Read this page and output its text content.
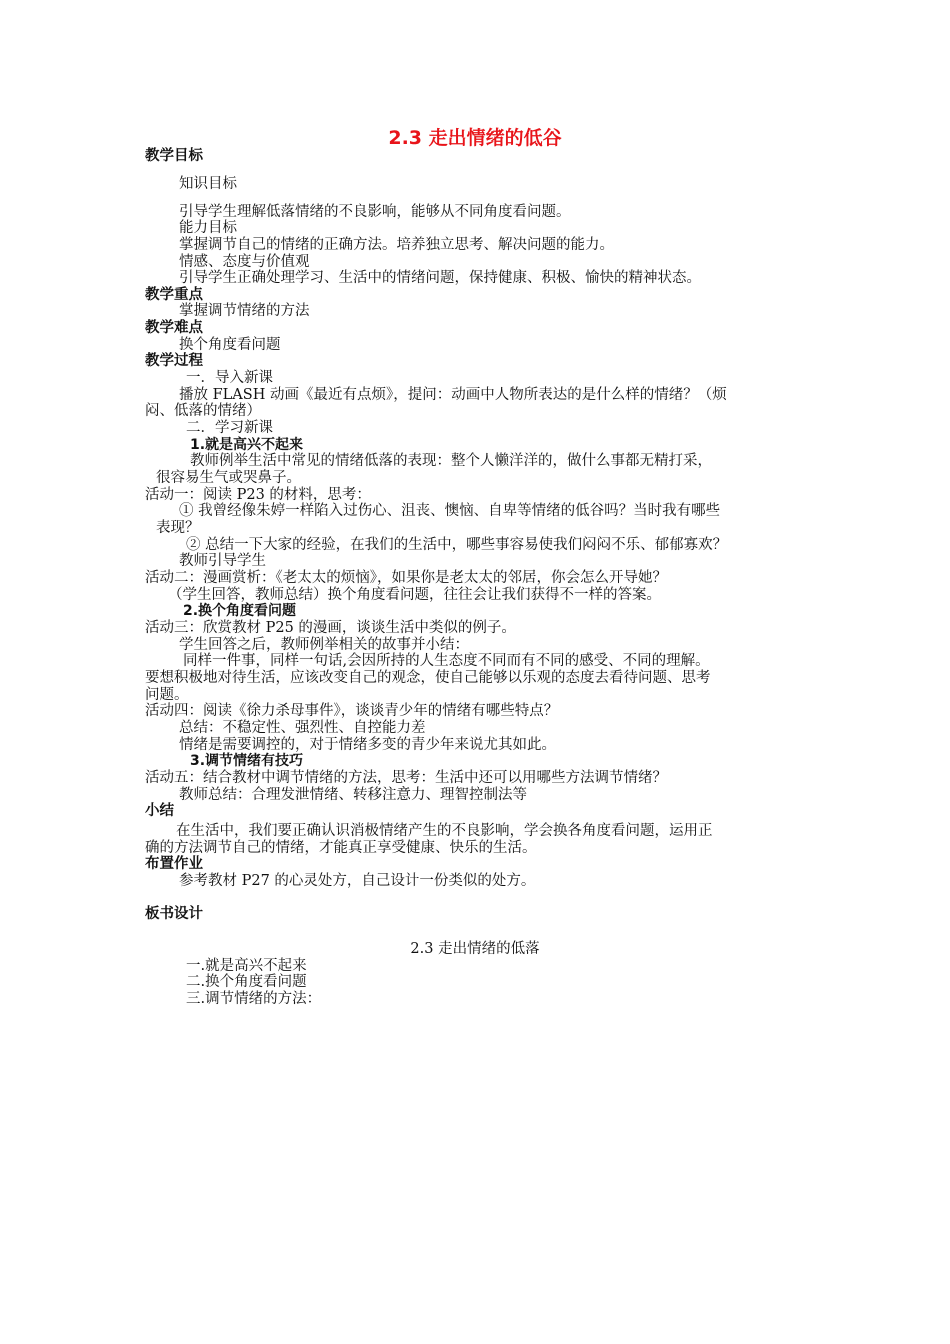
2.3 走出情绪的低谷
教学目标
知识目标
引导学生理解低落情绪的不良影响，能够从不同角度看问题。
能力目标
掌握调节自己的情绪的正确方法。培养独立思考、解决问题的能力。
情感、态度与价值观
引导学生正确处理学习、生活中的情绪问题，保持健康、积极、愉快的精神状态。
教学重点
掌握调节情绪的方法
教学难点
换个角度看问题
教学过程
一．导入新课
播放 FLASH 动画《最近有点烦》，提问：动画中人物所表达的是什么样的情绪？（烦
闷、低落的情绪）
二．学习新课
1.就是高兴不起来
教师例举生活中常见的情绪低落的表现：整个人懒洋洋的，做什么事都无精打采，
很容易生气或哭鼻子。
活动一：阅读 P23 的材料，思考：
① 我曾经像朱婷一样陷入过伤心、沮丧、懊恼、自卑等情绪的低谷吗？当时我有哪些
表现？
② 总结一下大家的经验，在我们的生活中，哪些事容易使我们闷闷不乐、郁郁寡欢？
教师引导学生
活动二：漫画赏析：《老太太的烦恼》，如果你是老太太的邻居，你会怎么开导她？
（学生回答，教师总结）换个角度看问题，往往会让我们获得不一样的答案。
2.换个角度看问题
活动三：欣赏教材 P25 的漫画，谈谈生活中类似的例子。
学生回答之后，教师例举相关的故事并小结：
同样一件事，同样一句话,会因所持的人生态度不同而有不同的感受、不同的理解。
要想积极地对待生活，应该改变自己的观念，使自己能够以乐观的态度去看待问题、思考
问题。
活动四：阅读《徐力杀母事件》，谈谈青少年的情绪有哪些特点？
总结：不稳定性、强烈性、自控能力差
情绪是需要调控的，对于情绪多变的青少年来说尤其如此。
3.调节情绪有技巧
活动五：结合教材中调节情绪的方法，思考：生活中还可以用哪些方法调节情绪？
教师总结：合理发泄情绪、转移注意力、理智控制法等
小结
在生活中，我们要正确认识消极情绪产生的不良影响，学会换各角度看问题，运用正
确的方法调节自己的情绪，才能真正享受健康、快乐的生活。
布置作业
参考教材 P27 的心灵处方，自己设计一份类似的处方。
板书设计
2.3 走出情绪的低落
一.就是高兴不起来
二.换个角度看问题
三.调节情绪的方法：
